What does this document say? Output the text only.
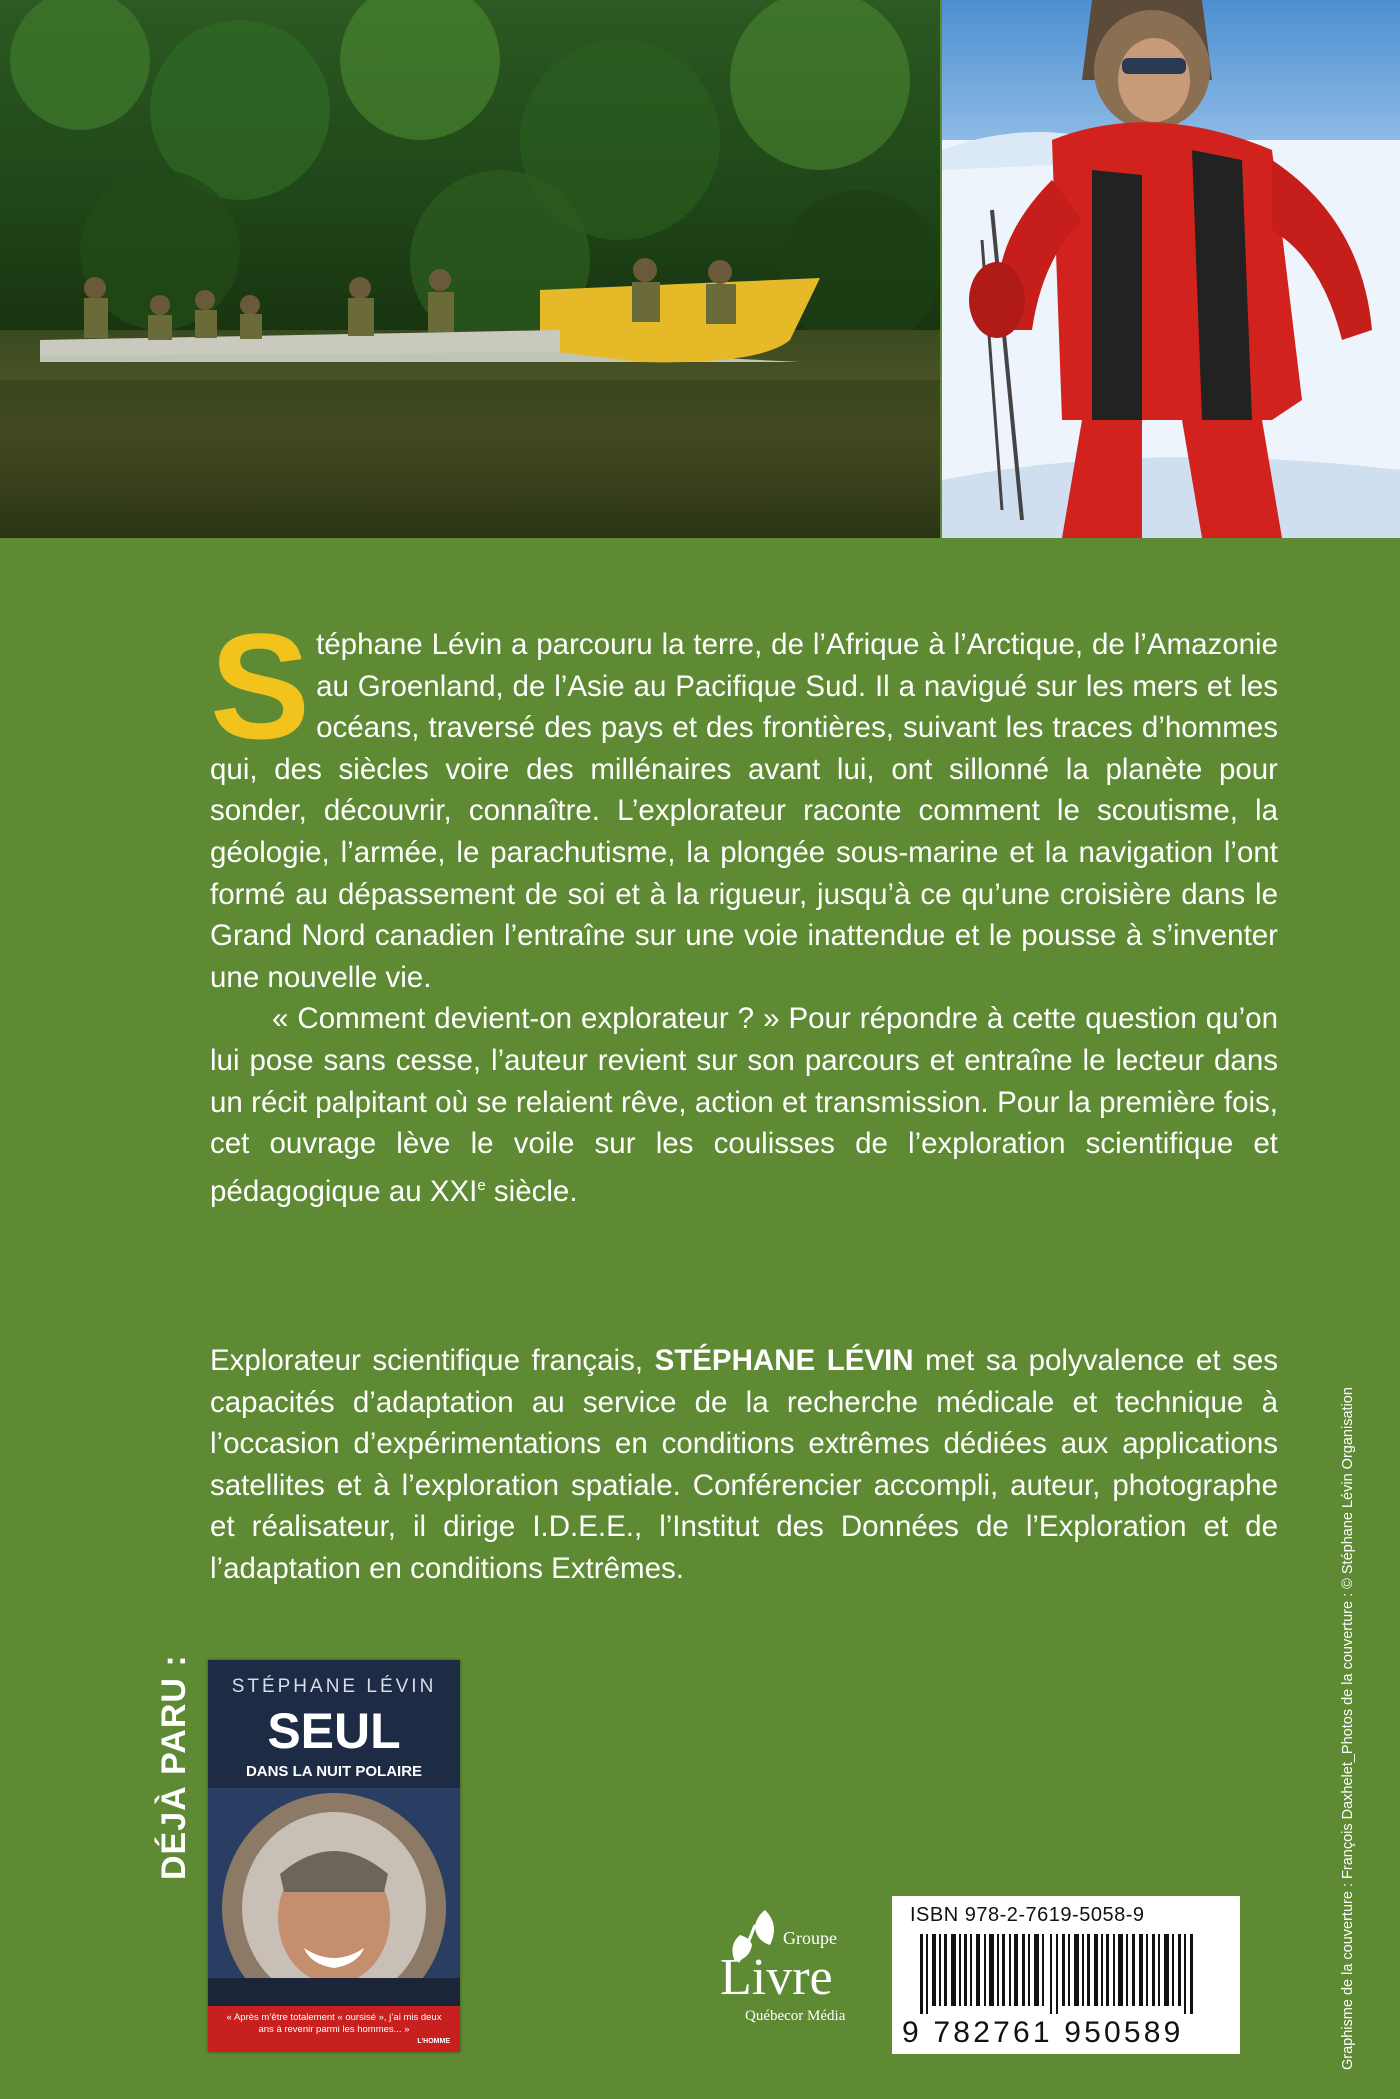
Stéphane Lévin a parcouru la terre, de l’Afrique à l’Arctique, de l’Amazonie au Groenland, de l’Asie au Pacifique Sud. Il a navigué sur les mers et les océans, traversé des pays et des frontières, suivant les traces d’hommes qui, des siècles voire des millénaires avant lui, ont sillonné la planète pour sonder, découvrir, connaître. L’explorateur raconte comment le scoutisme, la géologie, l’armée, le parachutisme, la plongée sous-marine et la navigation l’ont formé au dépassement de soi et à la rigueur, jusqu’à ce qu’une croisière dans le Grand Nord canadien l’entraîne sur une voie inattendue et le pousse à s’inventer une nouvelle vie.

« Comment devient-on explorateur ? » Pour répondre à cette question qu’on lui pose sans cesse, l’auteur revient sur son parcours et entraîne le lecteur dans un récit palpitant où se relaient rêve, action et transmission. Pour la première fois, cet ouvrage lève le voile sur les coulisses de l’exploration scientifique et pédagogique au XXIe siècle.

Explorateur scientifique français, STÉPHANE LÉVIN met sa polyvalence et ses capacités d’adaptation au service de la recherche médicale et technique à l’occasion d’expérimentations en conditions extrêmes dédiées aux applications satellites et à l’exploration spatiale. Conférencier accompli, auteur, photographe et réalisateur, il dirige I.D.E.E., l’Institut des Données de l’Exploration et de l’adaptation en conditions Extrêmes.

DÉJÀ PARU :	STÉPHANE LÉVIN
SEUL
DANS LA NUIT POLAIRE
« Après m’être totalement « oursisé », j’ai mis deux ans à revenir parmi les hommes... »
L’HOMME
Groupe
Livre
Québecor Média
ISBN 978-2-7619-5058-9
9 782761 950589	Graphisme de la couverture : François Daxhelet_Photos de la couverture : © Stéphane Lévin Organisation
